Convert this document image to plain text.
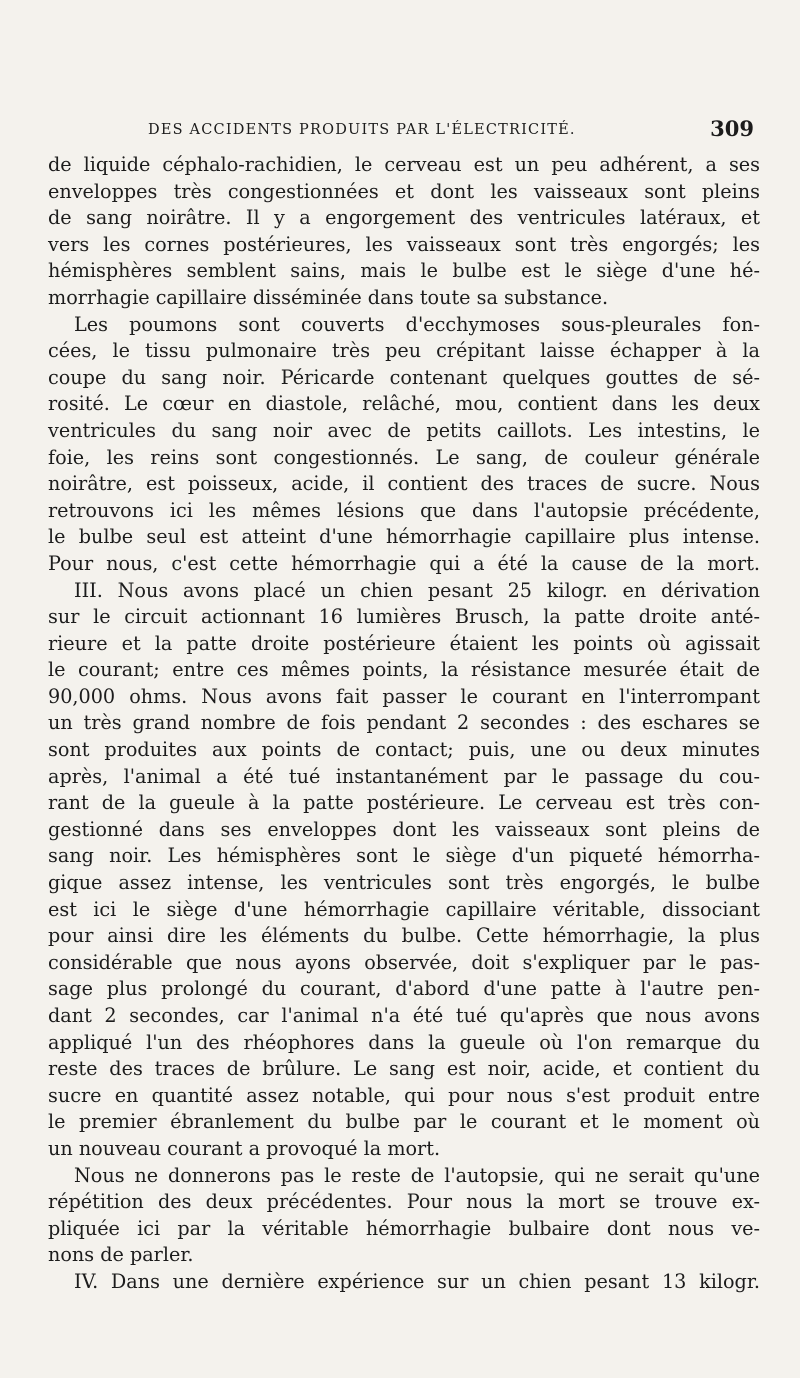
DES ACCIDENTS PRODUITS PAR L'ÉLECTRICITÉ.	309
de liquide céphalo-rachidien, le cerveau est un peu adhérent, a ses
enveloppes très congestionnées et dont les vaisseaux sont pleins
de sang noirâtre. Il y a engorgement des ventricules latéraux, et
vers les cornes postérieures, les vaisseaux sont très engorgés; les
hémisphères semblent sains, mais le bulbe est le siège d'une hé-
morrhagie capillaire disséminée dans toute sa substance.
Les poumons sont couverts d'ecchymoses sous-pleurales fon-
cées, le tissu pulmonaire très peu crépitant laisse échapper à la
coupe du sang noir. Péricarde contenant quelques gouttes de sé-
rosité. Le cœur en diastole, relâché, mou, contient dans les deux
ventricules du sang noir avec de petits caillots. Les intestins, le
foie, les reins sont congestionnés. Le sang, de couleur générale
noirâtre, est poisseux, acide, il contient des traces de sucre. Nous
retrouvons ici les mêmes lésions que dans l'autopsie précédente,
le bulbe seul est atteint d'une hémorrhagie capillaire plus intense.
Pour nous, c'est cette hémorrhagie qui a été la cause de la mort.
III. Nous avons placé un chien pesant 25 kilogr. en dérivation
sur le circuit actionnant 16 lumières Brusch, la patte droite anté-
rieure et la patte droite postérieure étaient les points où agissait
le courant; entre ces mêmes points, la résistance mesurée était de
90,000 ohms. Nous avons fait passer le courant en l'interrompant
un très grand nombre de fois pendant 2 secondes : des eschares se
sont produites aux points de contact; puis, une ou deux minutes
après, l'animal a été tué instantanément par le passage du cou-
rant de la gueule à la patte postérieure. Le cerveau est très con-
gestionné dans ses enveloppes dont les vaisseaux sont pleins de
sang noir. Les hémisphères sont le siège d'un piqueté hémorrha-
gique assez intense, les ventricules sont très engorgés, le bulbe
est ici le siège d'une hémorrhagie capillaire véritable, dissociant
pour ainsi dire les éléments du bulbe. Cette hémorrhagie, la plus
considérable que nous ayons observée, doit s'expliquer par le pas-
sage plus prolongé du courant, d'abord d'une patte à l'autre pen-
dant 2 secondes, car l'animal n'a été tué qu'après que nous avons
appliqué l'un des rhéophores dans la gueule où l'on remarque du
reste des traces de brûlure. Le sang est noir, acide, et contient du
sucre en quantité assez notable, qui pour nous s'est produit entre
le premier ébranlement du bulbe par le courant et le moment où
un nouveau courant a provoqué la mort.
Nous ne donnerons pas le reste de l'autopsie, qui ne serait qu'une
répétition des deux précédentes. Pour nous la mort se trouve ex-
pliquée ici par la véritable hémorrhagie bulbaire dont nous ve-
nons de parler.
IV. Dans une dernière expérience sur un chien pesant 13 kilogr.
